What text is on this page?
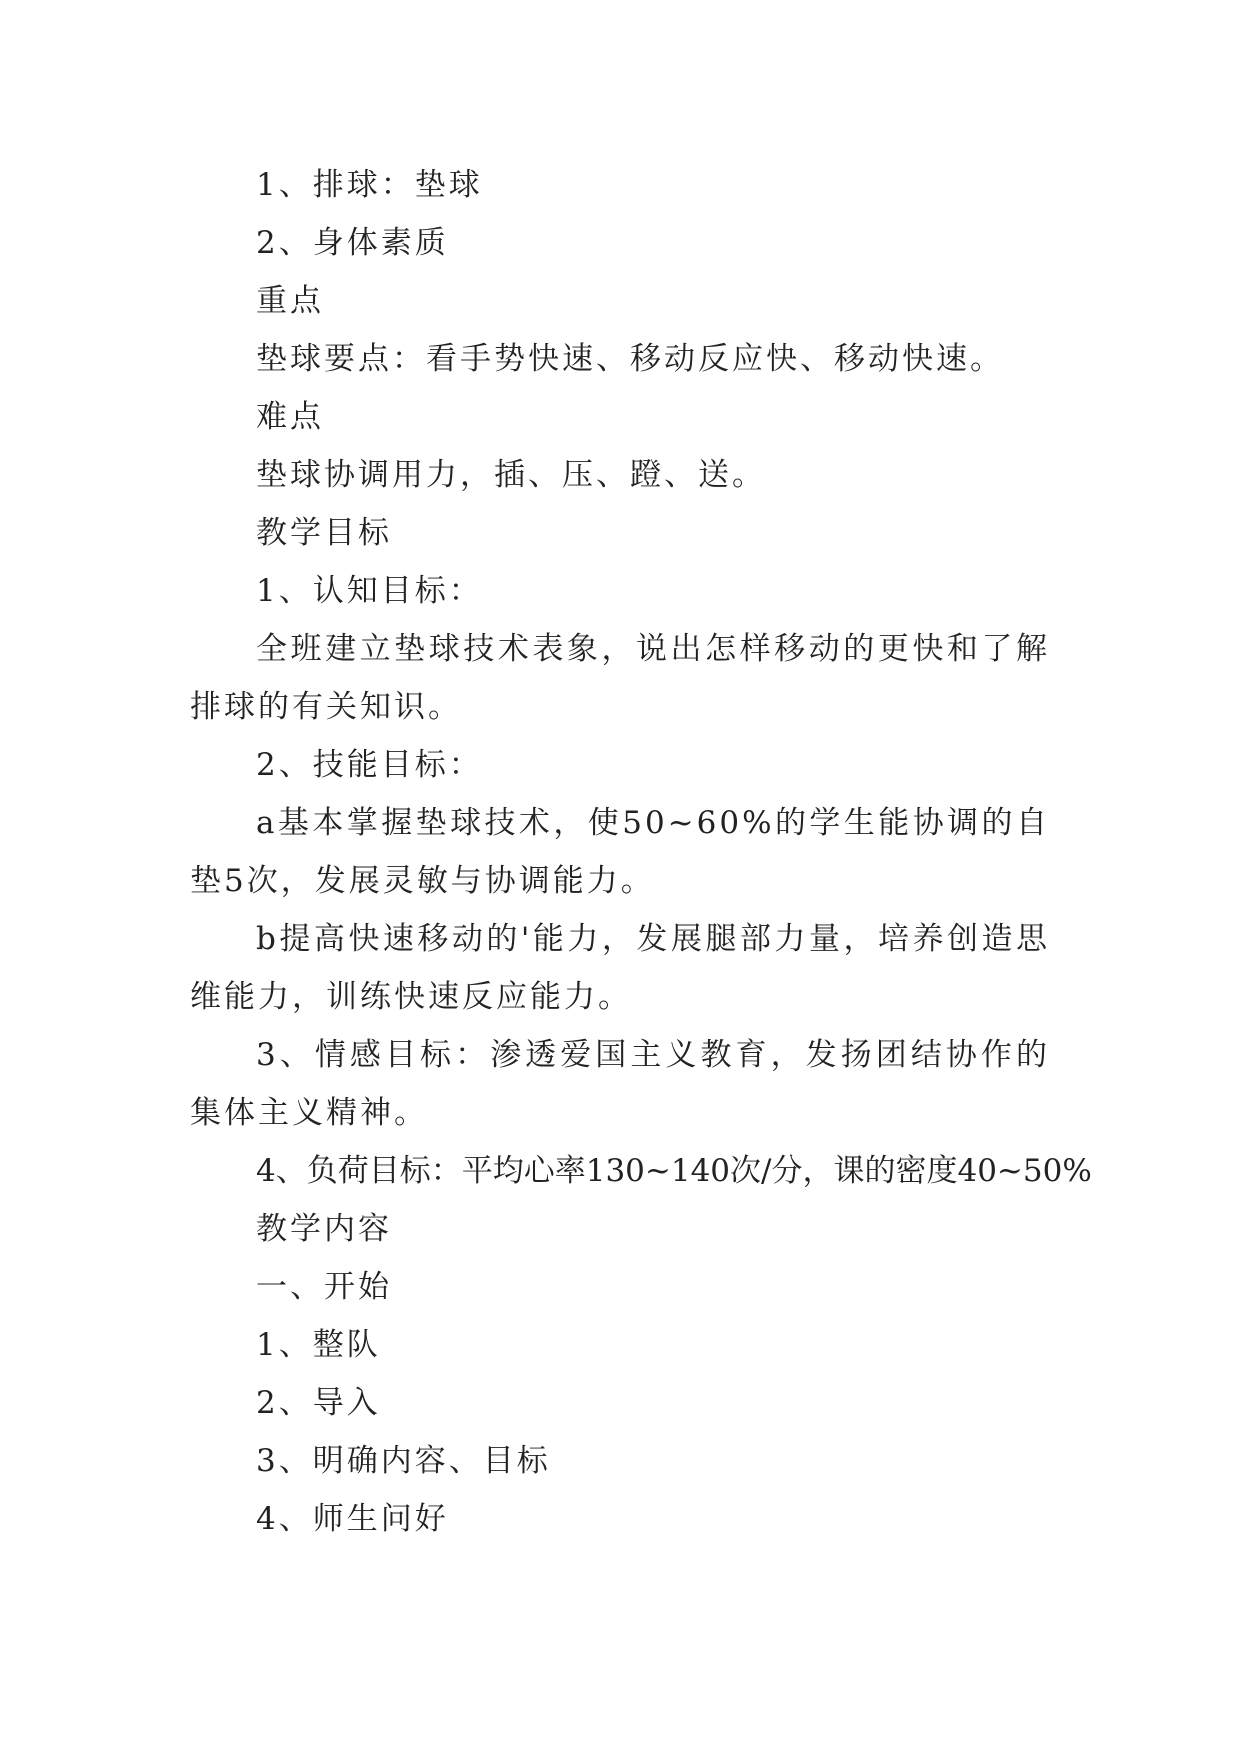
1、排球：垫球

2、身体素质

重点

垫球要点：看手势快速、移动反应快、移动快速。

难点

垫球协调用力，插、压、蹬、送。

教学目标

1、认知目标：

全班建立垫球技术表象，说出怎样移动的更快和了解排球的有关知识。

2、技能目标：

a基本掌握垫球技术，使50~60%的学生能协调的自垫5次，发展灵敏与协调能力。

b提高快速移动的'能力，发展腿部力量，培养创造思维能力，训练快速反应能力。

3、情感目标：渗透爱国主义教育，发扬团结协作的集体主义精神。

4、负荷目标：平均心率130~140次/分，课的密度40~50%

教学内容

一、开始

1、整队

2、导入

3、明确内容、目标

4、师生问好
